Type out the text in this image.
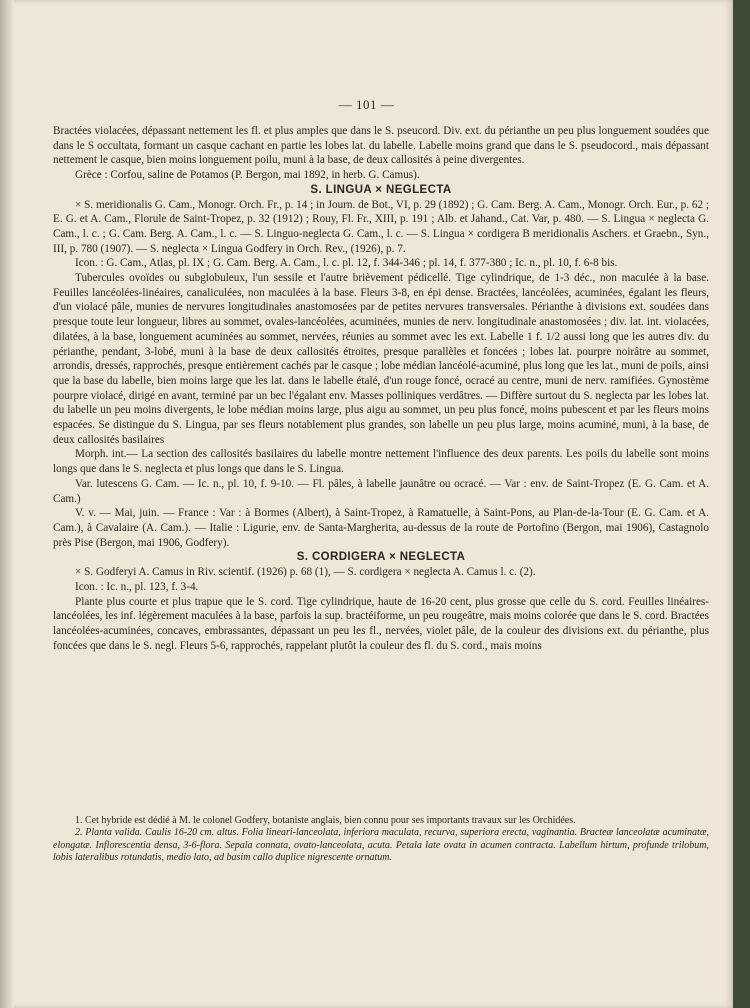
— 101 —

Bractées violacées, dépassant nettement les fl. et plus amples que dans le S. pseucord. Div. ext. du périanthe un peu plus longuement soudées que dans le S occultata, formant un casque cachant en partie les lobes lat. du labelle. Labelle moins grand que dans le S. pseudocord., mais dépassant nettement le casque, bien moins longuement poilu, muni à la base, de deux callosités à peine divergentes.

Grèce : Corfou, saline de Potamos (P. Bergon, mai 1892, in herb. G. Camus).

S. LINGUA × NEGLECTA

× S. meridionalis G. Cam., Monogr. Orch. Fr., p. 14 ; in Journ. de Bot., VI, p. 29 (1892) ; G. Cam. Berg. A. Cam., Monogr. Orch. Eur., p. 62 ; E. G. et A. Cam., Florule de Saint-Tropez, p. 32 (1912) ; Rouy, Fl. Fr., XIII, p. 191 ; Alb. et Jahand., Cat. Var, p. 480. — S. Lingua × neglecta G. Cam., l. c. ; G. Cam. Berg. A. Cam., l. c. — S. Linguo-neglecta G. Cam., l. c. — S. Lingua × cordigera B meridionalis Aschers. et Graebn., Syn., III, p. 780 (1907). — S. neglecta × Lingua Godfery in Orch. Rev., (1926), p. 7.

Icon. : G. Cam., Atlas, pl. IX ; G. Cam. Berg. A. Cam., l. c. pl. 12, f. 344-346 ; pl. 14, f. 377-380 ; Ic. n., pl. 10, f. 6-8 bis.

Tubercules ovoïdes ou subglobuleux, l'un sessile et l'autre brièvement pédicellé. Tige cylindrique, de 1-3 déc., non maculée à la base. Feuilles lancéolées-linéaires, canaliculées, non maculées à la base. Fleurs 3-8, en épi dense. Bractées, lancéolées, acuminées, égalant les fleurs, d'un violacé pâle, munies de nervures longitudinales anastomosées par de petites nervures transversales. Périanthe à divisions ext. soudées dans presque toute leur longueur, libres au sommet, ovales-lancéolées, acuminées, munies de nerv. longitudinale anastomosées ; div. lat. int. violacées, dilatées, à la base, longuement acuminées au sommet, nervées, réunies au sommet avec les ext. Labelle 1 f. 1/2 aussi long que les autres div. du périanthe, pendant, 3-lobé, muni à la base de deux callosités étroites, presque parallèles et foncées ; lobes lat. pourpre noirâtre au sommet, arrondis, dressés, rapprochés, presque entièrement cachés par le casque ; lobe médian lancéolé-acuminé, plus long que les lat., muni de poils, ainsi que la base du labelle, bien moins large que les lat. dans le labelle étalé, d'un rouge foncé, ocracé au centre, muni de nerv. ramifiées. Gynostème pourpre violacé, dirigé en avant, terminé par un bec l'égalant env. Masses polliniques verdâtres. — Diffère surtout du S. neglecta par les lobes lat. du labelle un peu moins divergents, le lobe médian moins large, plus aigu au sommet, un peu plus foncé, moins pubescent et par les fleurs moins espacées. Se distingue du S. Lingua, par ses fleurs notablement plus grandes, son labelle un peu plus large, moins acuminé, muni, à la base, de deux callosités basilaires

Morph. int.— La section des callosités basilaires du labelle montre nettement l'influence des deux parents. Les poils du labelle sont moins longs que dans le S. neglecta et plus longs que dans le S. Lingua.

Var. lutescens G. Cam. — Ic. n., pl. 10, f. 9-10. — Fl. pâles, à labelle jaunâtre ou ocracé. — Var : env. de Saint-Tropez (E. G. Cam. et A. Cam.)

V. v. — Mai, juin. — France : Var : à Bormes (Albert), à Saint-Tropez, à Ramatuelle, à Saint-Pons, au Plan-de-la-Tour (E. G. Cam. et A. Cam.), à Cavalaire (A. Cam.). — Italie : Ligurie, env. de Santa-Margherita, au-dessus de la route de Portofino (Bergon, mai 1906), Castagnolo près Pise (Bergon, mai 1906, Godfery).

S. CORDIGERA × NEGLECTA

× S. Godferyi A. Camus in Riv. scientif. (1926) p. 68 (1), — S. cordigera × neglecta A. Camus l. c. (2).

Icon. : Ic. n., pl. 123, f. 3-4.

Plante plus courte et plus trapue que le S. cord. Tige cylindrique, haute de 16-20 cent, plus grosse que celle du S. cord. Feuilles linéaires-lancéolées, les inf. légèrement maculées à la base, parfois la sup. bractéiforme, un peu rougeâtre, mais moins colorée que dans le S. cord. Bractées lancéolées-acuminées, concaves, embrassantes, dépassant un peu les fl., nervées, violet pâle, de la couleur des divisions ext. du périanthe, plus foncées que dans le S. negl. Fleurs 5-6, rapprochés, rappelant plutôt la couleur des fl. du S. cord., mais moins

1. Cet hybride est dédié à M. le colonel Godfery, botaniste anglais, bien connu pour ses importants travaux sur les Orchidées.

2. Planta valida. Caulis 16-20 cm. altus. Folia lineari-lanceolata, inferiora maculata, recurva, superiora erecta, vaginantia. Bracteæ lanceolatæ acuminatæ, elongatæ. Inflorescentia densa, 3-6-flora. Sepala connata, ovato-lanceolata, acuta. Petala late ovata in acumen contracta. Labellum hirtum, profunde trilobum, lobis lateralibus rotundatis, medio lato, ad basim callo duplice nigrescente ornatum.
